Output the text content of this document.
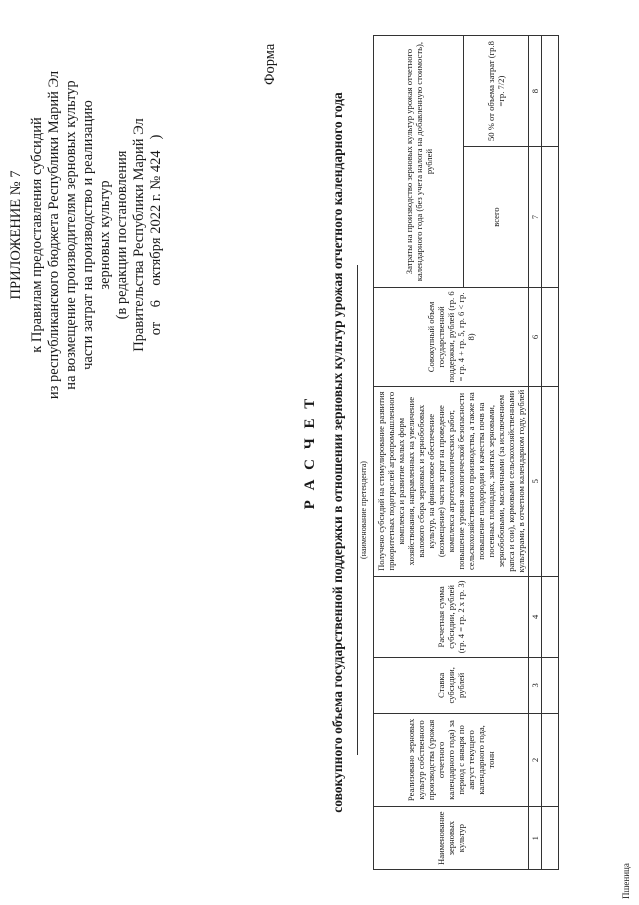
ПРИЛОЖЕНИЕ № 7 к Правилам предоставления субсидий из республиканского бюджета Республики Марий Эл на возмещение производителям зерновых культур части затрат на производство и реализацию зерновых культур (в редакции постановления Правительства Республики Марий Эл от    6    октября 2022 г. № 424   )
Форма
Р А С Ч Е Т совокупного объема государственной поддержки в отношении зерновых культур урожая отчетного календарного года (наименование претендента)
Наименование зерновых культур	Реализовано зерновых культур собственного производства (урожая отчетного календарного года) за период с января по август текущего календарного года, тонн	Ставка субсидии, рублей	Расчетная сумма субсидии, рублей (гр. 4 = гр. 2 х гр. 3)	Получено субсидий на стимулирование развития приоритетных подотраслей агропромышленного комплекса и развитие малых форм хозяйствования, направленных на увеличение валового сбора зерновых и зернобобовых культур, на финансовое обеспечение (возмещение) части затрат на проведение комплекса агротехнологических работ, повышение уровня экологической безопасности сельскохозяйственного производства, а также на повышение плодородия и качества почв на посевных площадях, занятых зерновыми, зернобобовыми, масличными (за исключением рапса и сои), кормовыми сельскохозяйственными культурами, в отчетном календарном году, рублей	Совокупный объем государственной поддержки, рублей (гр. 6 = гр. 4 + гр. 5, гр. 6 < гр. 8)	Затраты на производство зерновых культур урожая отчетного календарного года (без учета налога на добавленную стоимость), рублей	
						всего	50 % от объема затрат (гр.8 =гр. 7/2)
1	2	3	4	5	6	7	8

Пшеница
